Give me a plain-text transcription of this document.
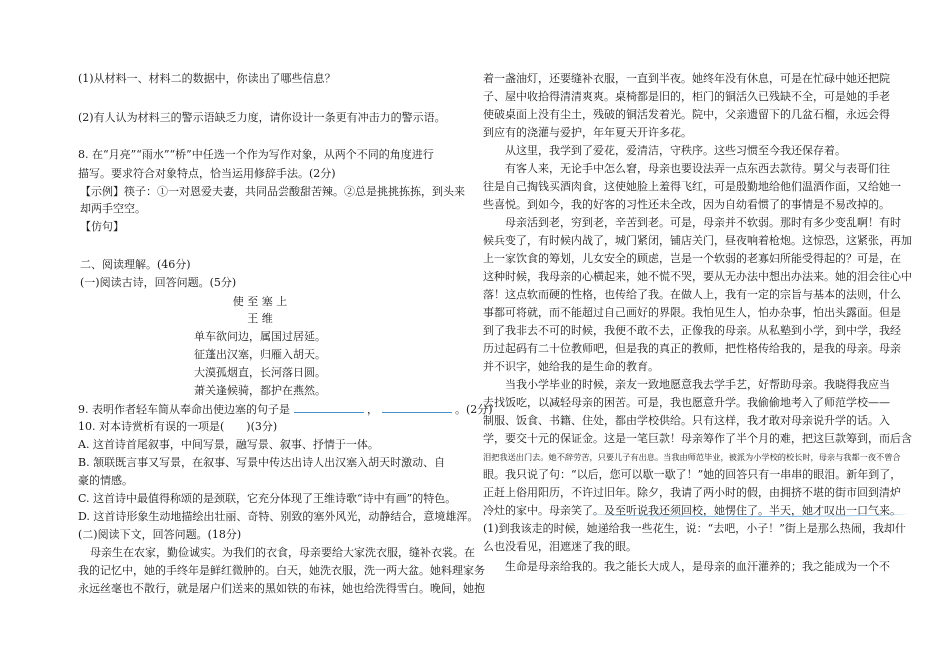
(1)从材料一、材料二的数据中，你读出了哪些信息？
(2)有人认为材料三的警示语缺乏力度，请你设计一条更有冲击力的警示语。
8. 在“月亮”“雨水”“桥”中任选一个作为写作对象，从两个不同的角度进行
描写。要求符合对象特点，恰当运用修辞手法。(2分)
【示例】筷子：①一对恩爱夫妻，共同品尝酸甜苦辣。②总是挑挑拣拣，到头来
却两手空空。
【仿句】
二、阅读理解。(46分)
(一)阅读古诗，回答问题。(5分)
使 至 塞 上
王 维
单车欲问边，属国过居延。
征蓬出汉塞，归雁入胡天。
大漠孤烟直，长河落日圆。
萧关逢候骑，都护在燕然。
9. 表明作者轻车简从奉命出使边塞的句子是	，	。(2分)
10. 对本诗赏析有误的一项是(　　)(3分)
A. 这首诗首尾叙事，中间写景，融写景、叙事、抒情于一体。
B. 颔联既言事又写景，在叙事、写景中传达出诗人出汉塞入胡天时激动、自
豪的情感。
C. 这首诗中最值得称颂的是颈联，它充分体现了王维诗歌“诗中有画”的特色。
D. 这首诗形象生动地描绘出壮丽、奇特、别致的塞外风光，动静结合，意境雄浑。
(二)阅读下文，回答问题。(18分)
母亲生在农家，勤俭诚实。为我们的衣食，母亲要给大家洗衣服，缝补衣裳。在
我的记忆中，她的手终年是鲜红微肿的。白天，她洗衣服，洗一两大盆。她料理家务
永远丝毫也不散行，就是屠户们送来的黑如铁的布袜，她也给洗得雪白。晚间，她抱
着一盏油灯，还要缝补衣服，一直到半夜。她终年没有休息，可是在忙碌中她还把院
子、屋中收拾得清清爽爽。桌椅都是旧的，柜门的铜活久已残缺不全，可是她的手老
使破桌面上没有尘土，残破的铜活发着光。院中，父亲遗留下的几盆石榴，永远会得
到应有的浇灌与爱护，年年夏天开许多花。
　　从这里，我学到了爱花，爱清洁，守秩序。这些习惯至今我还保存着。
　　有客人来，无论手中怎么窘，母亲也要设法弄一点东西去款待。舅父与表哥们往
往是自己掏钱买酒肉食，这使她脸上羞得飞红，可是殷勤地给他们温酒作面，又给她一
些喜悦。到如今，我的好客的习性还未全改，因为自幼看惯了的事情是不易改掉的。
　　母亲活到老，穷到老，辛苦到老。可是，母亲并不软弱。那时有多少变乱啊！有时
候兵变了，有时候内战了，城门紧闭，铺店关门，昼夜响着枪炮。这惊恐，这紧张，再加
上一家饮食的筹划，儿女安全的顾虑，岂是一个软弱的老寡妇所能受得起的？可是，在
这种时候，我母亲的心横起来，她不慌不哭，要从无办法中想出办法来。她的泪会往心中
落！这点软而硬的性格，也传给了我。在做人上，我有一定的宗旨与基本的法则，什么
事都可将就，而不能超过自己画好的界限。我怕见生人，怕办杂事，怕出头露面。但是
到了我非去不可的时候，我便不敢不去，正像我的母亲。从私塾到小学，到中学，我经
历过起码有二十位教师吧，但是我的真正的教师，把性格传给我的，是我的母亲。母亲
并不识字，她给我的是生命的教育。
　　当我小学毕业的时候，亲友一致地愿意我去学手艺，好帮助母亲。我晓得我应当
去找饭吃，以减轻母亲的困苦。可是，我也愿意升学。我偷偷地考入了师范学校——
制服、饭食、书籍、住处，都由学校供给。只有这样，我才敢对母亲说升学的话。入
学，要交十元的保证金。这是一笔巨款！母亲筹作了半个月的难，把这巨款筹到，而后含
泪把我送出门去。她不辞劳苦，只要儿子有出息。当我由师范毕业，被派为小学校的校长时，母亲与我都一夜不曾合
眼。我只说了句：“以后，您可以歇一歇了！”她的回答只有一串串的眼泪。新年到了，
正赶上俗用阳历，不许过旧年。除夕，我请了两小时的假，由拥挤不堪的街市回到清炉
冷灶的家中。母亲笑了。及至听说我还须回校，她愣住了。半天，她才叹出一口气来。
(1)到我该走的时候，她递给我一些花生，说：“去吧，小子！”街上是那么热闹，我却什
么也没看见，泪遮迷了我的眼。
　　生命是母亲给我的。我之能长大成人，是母亲的血汗灌养的；我之能成为一个不
